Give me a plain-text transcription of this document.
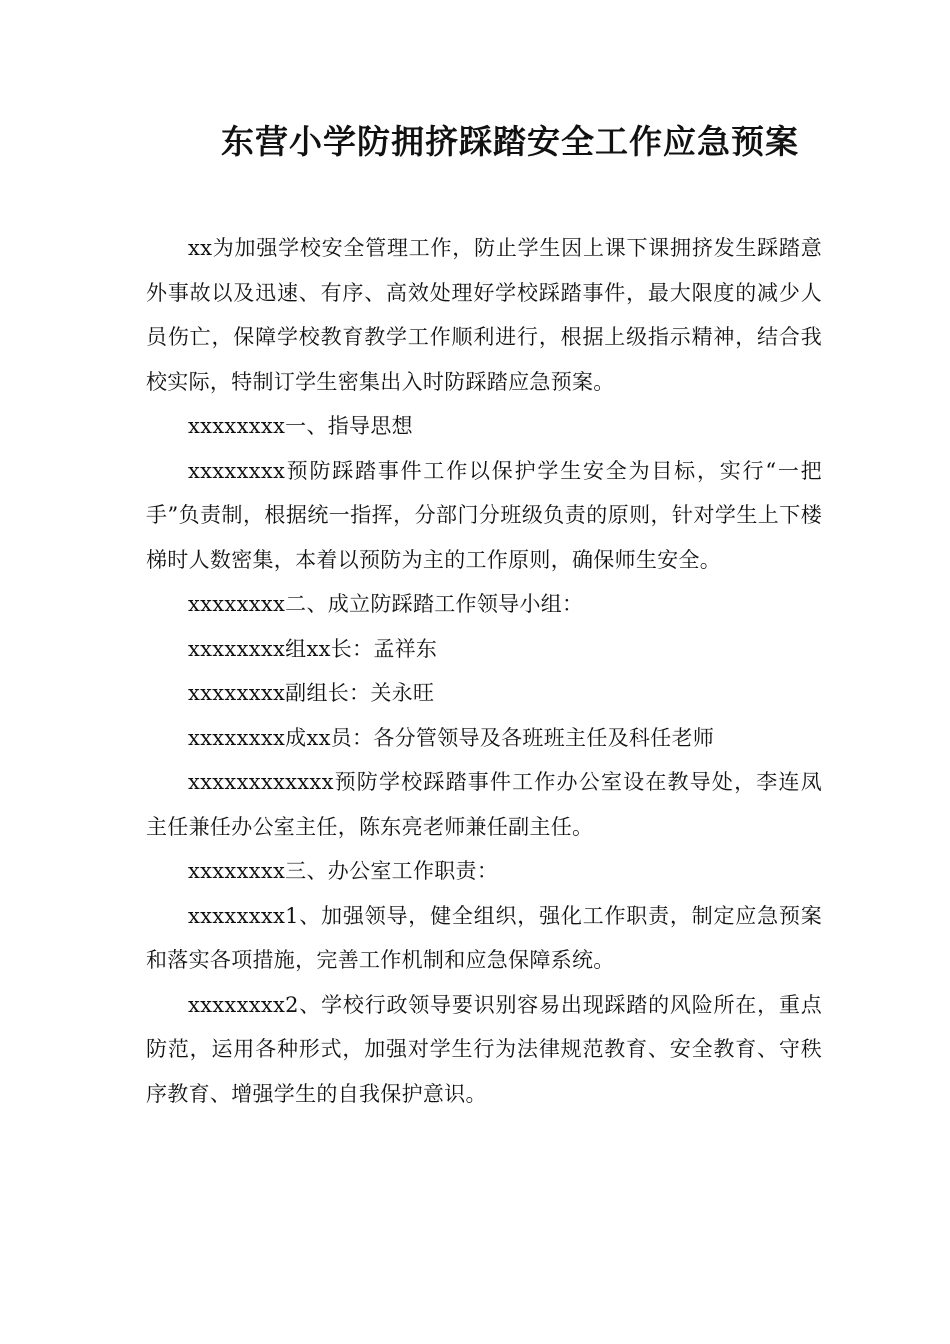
东营小学防拥挤踩踏安全工作应急预案

xx为加强学校安全管理工作，防止学生因上课下课拥挤发生踩踏意外事故以及迅速、有序、高效处理好学校踩踏事件，最大限度的减少人员伤亡，保障学校教育教学工作顺利进行，根据上级指示精神，结合我校实际，特制订学生密集出入时防踩踏应急预案。

xxxxxxxx一、指导思想

xxxxxxxx预防踩踏事件工作以保护学生安全为目标，实行“一把手”负责制，根据统一指挥，分部门分班级负责的原则，针对学生上下楼梯时人数密集，本着以预防为主的工作原则，确保师生安全。

xxxxxxxx二、成立防踩踏工作领导小组：

xxxxxxxx组xx长：孟祥东

xxxxxxxx副组长：关永旺

xxxxxxxx成xx员：各分管领导及各班班主任及科任老师

xxxxxxxxxxxx预防学校踩踏事件工作办公室设在教导处，李连凤主任兼任办公室主任，陈东亮老师兼任副主任。

xxxxxxxx三、办公室工作职责：

xxxxxxxx1、加强领导，健全组织，强化工作职责，制定应急预案和落实各项措施，完善工作机制和应急保障系统。

xxxxxxxx2、学校行政领导要识别容易出现踩踏的风险所在，重点防范，运用各种形式，加强对学生行为法律规范教育、安全教育、守秩序教育、增强学生的自我保护意识。
